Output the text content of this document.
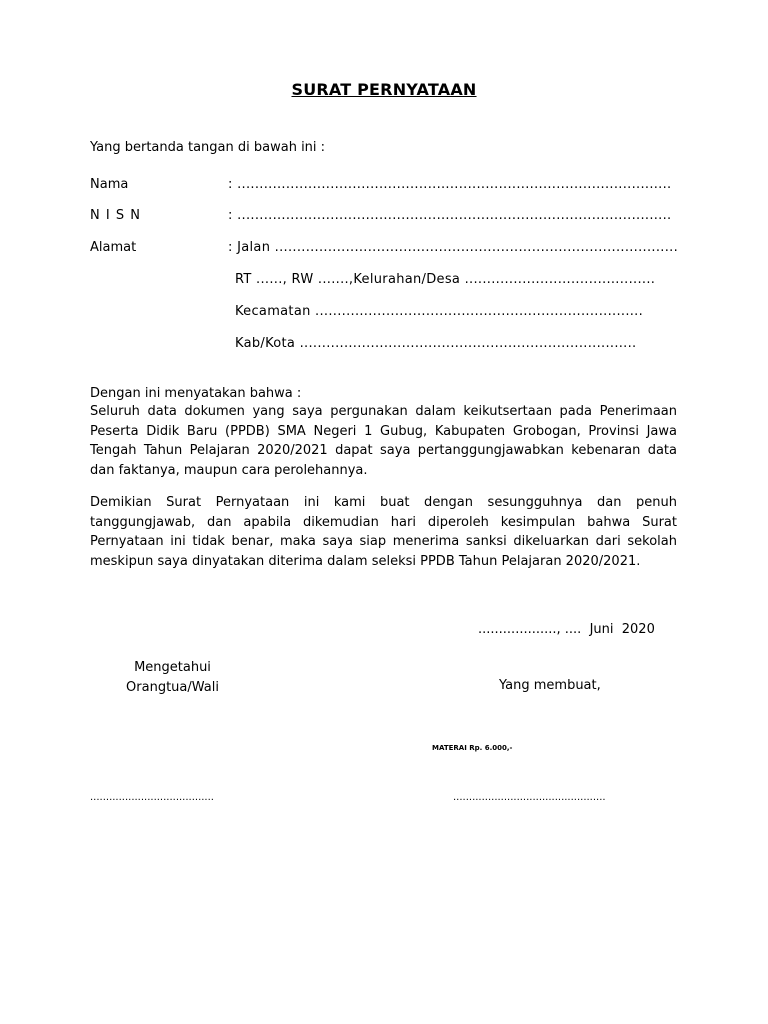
SURAT PERNYATAAN
Yang bertanda tangan di bawah ini :
Nama	: ..................................................................................................
N I S N	: ..................................................................................................
Alamat	: Jalan ...........................................................................................
RT ......, RW .......,Kelurahan/Desa ...........................................
Kecamatan ..........................................................................
Kab/Kota ............................................................................
Dengan ini menyatakan bahwa :
Seluruh data dokumen yang saya pergunakan dalam keikutsertaan pada Penerimaan Peserta Didik Baru (PPDB) SMA Negeri 1 Gubug, Kabupaten Grobogan, Provinsi Jawa Tengah Tahun Pelajaran 2020/2021 dapat saya pertanggungjawabkan kebenaran data dan faktanya, maupun cara perolehannya.
Demikian Surat Pernyataan ini kami buat dengan sesungguhnya dan penuh tanggungjawab, dan apabila dikemudian hari diperoleh kesimpulan bahwa Surat Pernyataan ini tidak benar, maka saya siap menerima sanksi dikeluarkan dari sekolah meskipun saya dinyatakan diterima dalam seleksi PPDB Tahun Pelajaran 2020/2021.
..................., ....  Juni  2020
Mengetahui
Orangtua/Wali	Yang membuat,
MATERAI Rp. 6.000,-
.......................................	................................................
